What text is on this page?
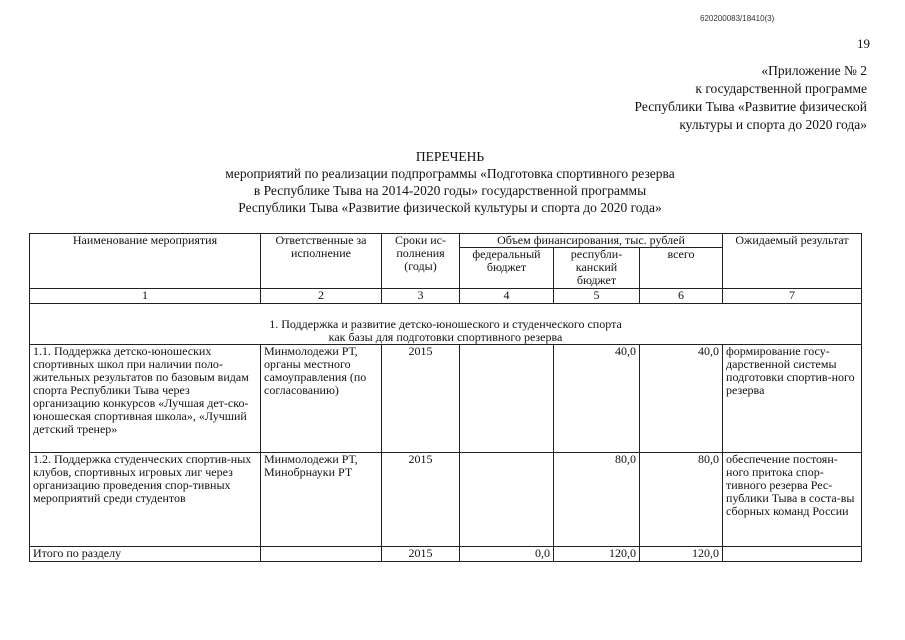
620200083/18410(3)
19
«Приложение № 2
к государственной программе
Республики Тыва «Развитие физической
культуры и спорта до 2020 года»
ПЕРЕЧЕНЬ
мероприятий по реализации подпрограммы «Подготовка спортивного резерва
в Республике Тыва на 2014-2020 годы» государственной программы
Республики Тыва «Развитие физической культуры и спорта до 2020 года»
Наименование мероприятия	Ответственные за исполнение	Сроки ис-полнения (годы)	Объем финансирования, тыс. рублей			Ожидаемый результат
			федеральный бюджет	республи-канский бюджет	всего	
1	2	3	4	5	6	7

1. Поддержка и развитие детско-юношеского и студенческого спорта
как базы для подготовки спортивного резерва						

1.1. Поддержка детско-юношеских спортивных школ при наличии поло-жительных результатов по базовым видам спорта Республики Тыва через организацию конкурсов «Лучшая дет-ско-юношеская спортивная школа», «Лучший детский тренер»	Минмолодежи РТ, органы местного самоуправления (по согласованию)	2015		40,0	40,0	формирование госу-дарственной системы подготовки спортив-ного резерва
1.2. Поддержка студенческих спортив-ных клубов, спортивных игровых лиг через организацию проведения спор-тивных мероприятий среди студентов	Минмолодежи РТ, Минобрнауки РТ	2015		80,0	80,0	обеспечение постоян-ного притока спор-тивного резерва Рес-публики Тыва в соста-вы сборных команд России
Итого по разделу		2015	0,0	120,0	120,0	
